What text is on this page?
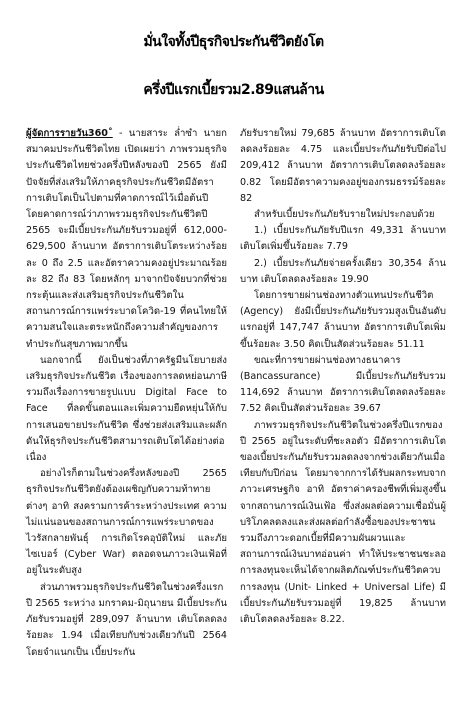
มั่นใจทั้งปีธุรกิจประกันชีวิตยังโต
ครึ่งปีแรกเบี้ยรวม2.89แสนล้าน

ผู้จัดการรายวัน360˚ - นายสาระ ล่ำซำ นายกสมาคมประกันชีวิตไทย เปิดเผยว่า ภาพรวมธุรกิจประกันชีวิตไทยช่วงครึ่งปีหลังของปี 2565 ยังมีปัจจัยที่ส่งเสริมให้ภาคธุรกิจประกันชีวิตมีอัตราการเติบโตเป็นไปตามที่คาดการณ์ไว้เมื่อต้นปี โดยคาดการณ์ว่าภาพรวมธุรกิจประกันชีวิตปี 2565 จะมีเบี้ยประกันภัยรับรวมอยู่ที่ 612,000-629,500 ล้านบาท อัตราการเติบโตระหว่างร้อยละ 0 ถึง 2.5 และอัตราความคงอยู่ประมาณร้อยละ 82 ถึง 83 โดยหลักๆ มาจากปัจจัยบวกที่ช่วยกระตุ้นและส่งเสริมธุรกิจประกันชีวิตในสถานการณ์การแพร่ระบาดโควิด-19 ที่คนไทยให้ความสนใจและตระหนักถึงความสำคัญของการทำประกันสุขภาพมากขึ้น

นอกจากนี้ ยังเป็นช่วงที่ภาครัฐมีนโยบายส่งเสริมธุรกิจประกันชีวิต เรื่องของการลดหย่อนภาษี รวมถึงเรื่องการขายรูปแบบ Digital Face to Face ที่ลดขั้นตอนและเพิ่มความยืดหยุ่นให้กับการเสนอขายประกันชีวิต ซึ่งช่วยส่งเสริมและผลักดันให้ธุรกิจประกันชีวิตสามารถเติบโตได้อย่างต่อเนื่อง

อย่างไรก็ตามในช่วงครึ่งหลังของปี 2565 ธุรกิจประกันชีวิตยังต้องเผชิญกับความท้าทายต่างๆ อาทิ สงครามการค้าระหว่างประเทศ ความไม่แน่นอนของสถานการณ์การแพร่ระบาดของไวรัสกลายพันธุ์ การเกิดโรคอุบัติใหม่ และภัยไซเบอร์ (Cyber War) ตลอดจนภาวะเงินเฟ้อที่อยู่ในระดับสูง

ส่วนภาพรวมธุรกิจประกันชีวิตในช่วงครึ่งแรกปี 2565 ระหว่าง มกราคม-มิถุนายน มีเบี้ยประกันภัยรับรวมอยู่ที่ 289,097 ล้านบาท เติบโตลดลงร้อยละ 1.94 เมื่อเทียบกับช่วงเดียวกันปี 2564 โดยจำแนกเป็น เบี้ยประกัน

ภัยรับรายใหม่ 79,685 ล้านบาท อัตราการเติบโตลดลงร้อยละ 4.75 และเบี้ยประกันภัยรับปีต่อไป 209,412 ล้านบาท อัตราการเติบโตลดลงร้อยละ 0.82 โดยมีอัตราความคงอยู่ของกรมธรรม์ร้อยละ 82

สำหรับเบี้ยประกันภัยรับรายใหม่ประกอบด้วย

1.) เบี้ยประกันภัยรับปีแรก 49,331 ล้านบาท เติบโตเพิ่มขึ้นร้อยละ 7.79

2.) เบี้ยประกันภัยจ่ายครั้งเดียว 30,354 ล้านบาท เติบโตลดลงร้อยละ 19.90

โดยการขายผ่านช่องทางตัวแทนประกันชีวิต (Agency) ยังมีเบี้ยประกันภัยรับรวมสูงเป็นอันดับแรกอยู่ที่ 147,747 ล้านบาท อัตราการเติบโตเพิ่มขึ้นร้อยละ 3.50 คิดเป็นสัดส่วนร้อยละ 51.11

ขณะที่การขายผ่านช่องทางธนาคาร (Bancassurance) มีเบี้ยประกันภัยรับรวม 114,692 ล้านบาท อัตราการเติบโตลดลงร้อยละ 7.52 คิดเป็นสัดส่วนร้อยละ 39.67

ภาพรวมธุรกิจประกันชีวิตในช่วงครึ่งปีแรกของปี 2565 อยู่ในระดับที่ชะลอตัว มีอัตราการเติบโตของเบี้ยประกันภัยรับรวมลดลงจากช่วงเดียวกันเมื่อเทียบกับปีก่อน โดยมาจากการได้รับผลกระทบจากภาวะเศรษฐกิจ อาทิ อัตราค่าครองชีพที่เพิ่มสูงขึ้นจากสถานการณ์เงินเฟ้อ ซึ่งส่งผลต่อความเชื่อมั่นผู้บริโภคลดลงและส่งผลต่อกำลังซื้อของประชาชน รวมถึงภาวะดอกเบี้ยที่มีความผันผวนและสถานการณ์เงินบาทอ่อนค่า ทำให้ประชาชนชะลอการลงทุนจะเห็นได้จากผลิตภัณฑ์ประกันชีวิตควบการลงทุน (Unit- Linked + Universal Life) มีเบี้ยประกันภัยรับรวมอยู่ที่ 19,825 ล้านบาท เติบโตลดลงร้อยละ 8.22.
